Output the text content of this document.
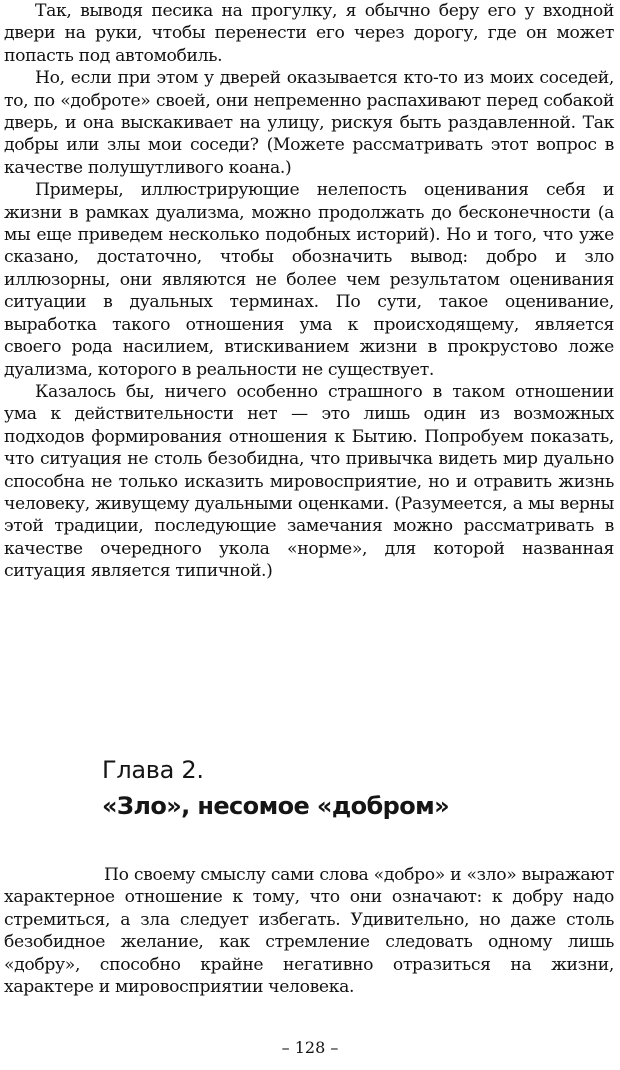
Так, выводя песика на прогулку, я обычно беру его у входной двери на руки, чтобы перенести его через дорогу, где он может попасть под автомобиль.

Но, если при этом у дверей оказывается кто-то из моих соседей, то, по «доброте» своей, они непременно распахивают перед собакой дверь, и она выскакивает на улицу, рискуя быть раздавленной. Так добры или злы мои соседи? (Можете рассматривать этот вопрос в качестве полушутливого коана.)

Примеры, иллюстрирующие нелепость оценивания себя и жизни в рамках дуализма, можно продолжать до бесконечности (а мы еще приведем несколько подобных историй). Но и того, что уже сказано, достаточно, чтобы обозначить вывод: добро и зло иллюзорны, они являются не более чем результатом оценивания ситуации в дуальных терминах. По сути, такое оценивание, выработка такого отношения ума к происходящему, является своего рода насилием, втискиванием жизни в прокрустово ложе дуализма, которого в реальности не существует.

Казалось бы, ничего особенно страшного в таком отношении ума к действительности нет — это лишь один из возможных подходов формирования отношения к Бытию. Попробуем показать, что ситуация не столь безобидна, что привычка видеть мир дуально способна не только исказить мировосприятие, но и отравить жизнь человеку, живущему дуальными оценками. (Разумеется, а мы верны этой традиции, последующие замечания можно рассматривать в качестве очередного укола «норме», для которой названная ситуация является типичной.)

Глава 2.
«Зло», несомое «добром»

По своему смыслу сами слова «добро» и «зло» выражают характерное отношение к тому, что они означают: к добру надо стремиться, а зла следует избегать. Удивительно, но даже столь безобидное желание, как стремление следовать одному лишь «добру», способно крайне негативно отразиться на жизни, характере и мировосприятии человека.

– 128 –
